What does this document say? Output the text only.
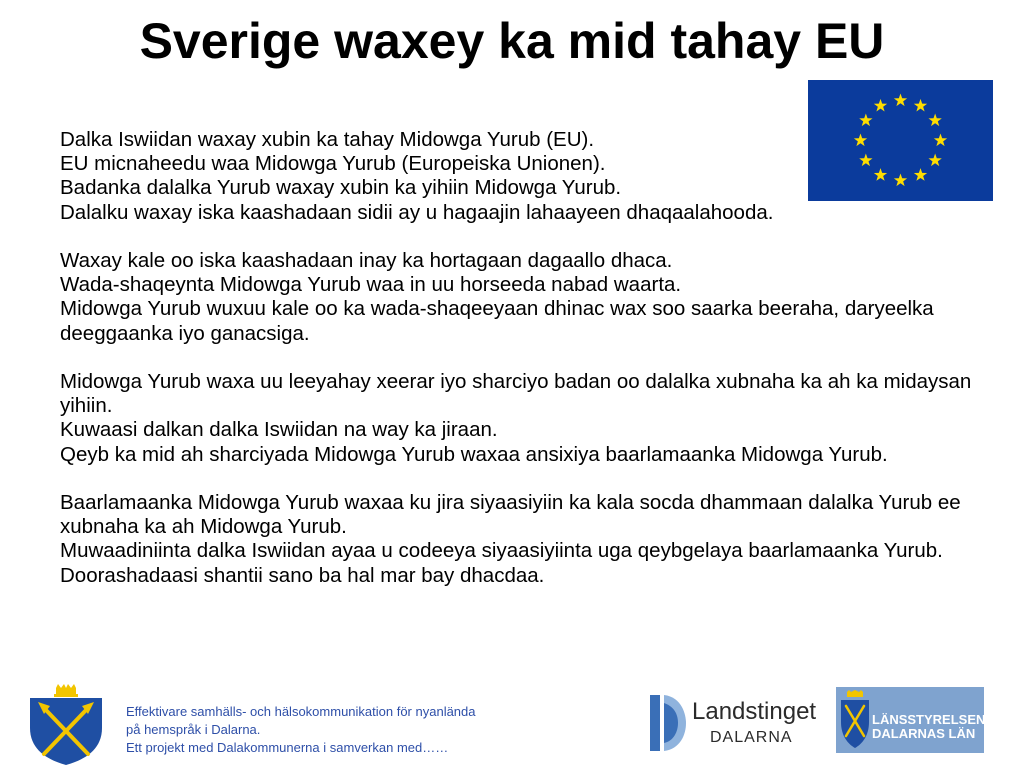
Sverige waxey ka mid tahay EU
Dalka Iswiidan waxay xubin ka tahay Midowga Yurub (EU).
EU micnaheedu waa Midowga Yurub (Europeiska Unionen).
Badanka dalalka Yurub waxay xubin ka yihiin Midowga Yurub.
Dalalku waxay iska kaashadaan sidii ay u hagaajin lahaayeen dhaqaalahooda.
Waxay kale oo iska kaashadaan inay ka hortagaan dagaallo dhaca.
Wada-shaqeynta Midowga Yurub waa in uu horseeda nabad waarta.
Midowga Yurub wuxuu kale oo ka wada-shaqeeyaan dhinac wax soo saarka beeraha, daryeelka deeggaanka iyo ganacsiga.
Midowga Yurub waxa uu leeyahay xeerar iyo sharciyo badan oo dalalka xubnaha ka ah ka midaysan yihiin.
Kuwaasi dalkan dalka Iswiidan na way ka jiraan.
Qeyb ka mid ah sharciyada Midowga Yurub waxaa ansixiya baarlamaanka Midowga Yurub.
Baarlamaanka Midowga Yurub waxaa ku jira siyaasiyiin ka kala socda dhammaan dalalka Yurub ee xubnaha ka ah Midowga Yurub.
Muwaadiniinta dalka Iswiidan ayaa u codeeya siyaasiyiinta uga qeybgelaya baarlamaanka Yurub.
Doorashadaasi shantii sano ba hal mar bay dhacdaa.
Effektivare samhälls- och hälsokommunikation för nyanlända
på hemspråk i Dalarna.
Ett projekt med Dalakommunerna i samverkan med……
Landstinget
DALARNA
LÄNSSTYRELSEN
DALARNAS LÄN
